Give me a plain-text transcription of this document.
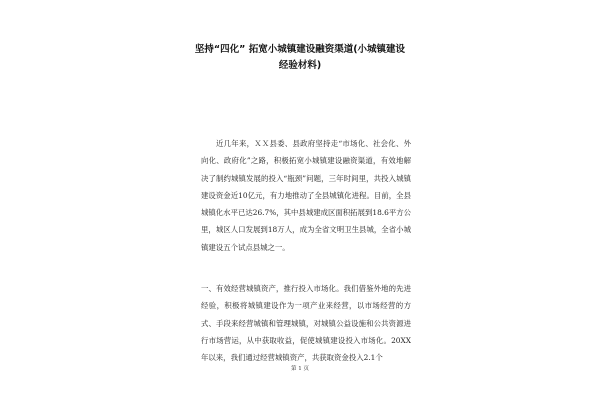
坚持“四化” 拓宽小城镇建设融资渠道(小城镇建设
经验材料)

近几年来，ＸＸ县委、县政府坚持走“市场化、社会化、外向化、政府化”之路，积极拓宽小城镇建设融资渠道，有效地解决了制约城镇发展的投入“瓶颈”问题，三年时间里，共投入城镇建设资金近10亿元，有力地推动了全县城镇化进程。目前，全县城镇化水平已达26.7%，其中县城建成区面积拓展到18.6平方公里，城区人口发展到18万人，成为全省文明卫生县城，全省小城镇建设五个试点县城之一。

一、有效经营城镇资产，推行投入市场化。我们借鉴外地的先进经验，积极将城镇建设作为一项产业来经营，以市场经营的方式、手段来经营城镇和管理城镇，对城镇公益设施和公共资源进行市场营运，从中获取收益，促使城镇建设投入市场化。20XX年以来，我们通过经营城镇资产，共获取资金投入2.1个

第 1 页
